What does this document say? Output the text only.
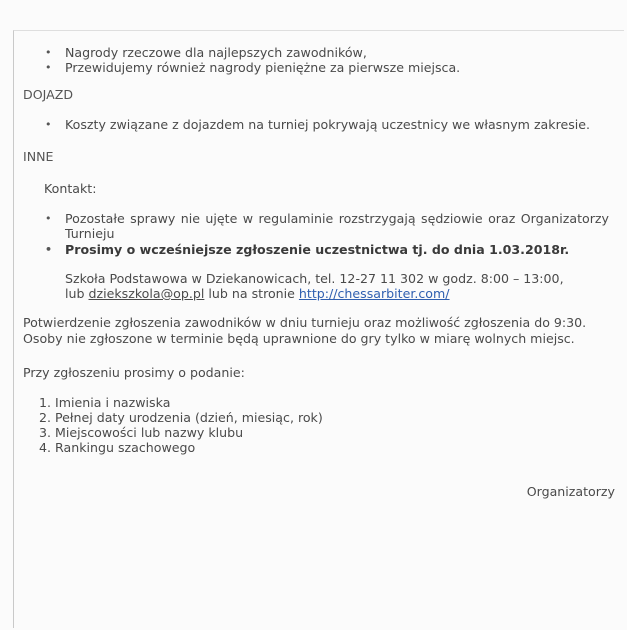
• Nagrody rzeczowe dla najlepszych zawodników,
• Przewidujemy również nagrody pieniężne za pierwsze miejsca.
DOJAZD
• Koszty związane z dojazdem na turniej pokrywają uczestnicy we własnym zakresie.
INNE
Kontakt:
• Pozostałe sprawy nie ujęte w regulaminie rozstrzygają sędziowie oraz Organizatorzy Turnieju
• Prosimy o wcześniejsze zgłoszenie uczestnictwa tj. do dnia 1.03.2018r.
Szkoła Podstawowa w Dziekanowicach, tel. 12-27 11 302 w godz. 8:00 – 13:00,
lub dziekszkola@op.pl lub na stronie http://chessarbiter.com/
Potwierdzenie zgłoszenia zawodników w dniu turnieju oraz możliwość zgłoszenia do 9:30. Osoby nie zgłoszone w terminie będą uprawnione do gry tylko w miarę wolnych miejsc.
Przy zgłoszeniu prosimy o podanie:
1. Imienia i nazwiska
2. Pełnej daty urodzenia (dzień, miesiąc, rok)
3. Miejscowości lub nazwy klubu
4. Rankingu szachowego
Organizatorzy
